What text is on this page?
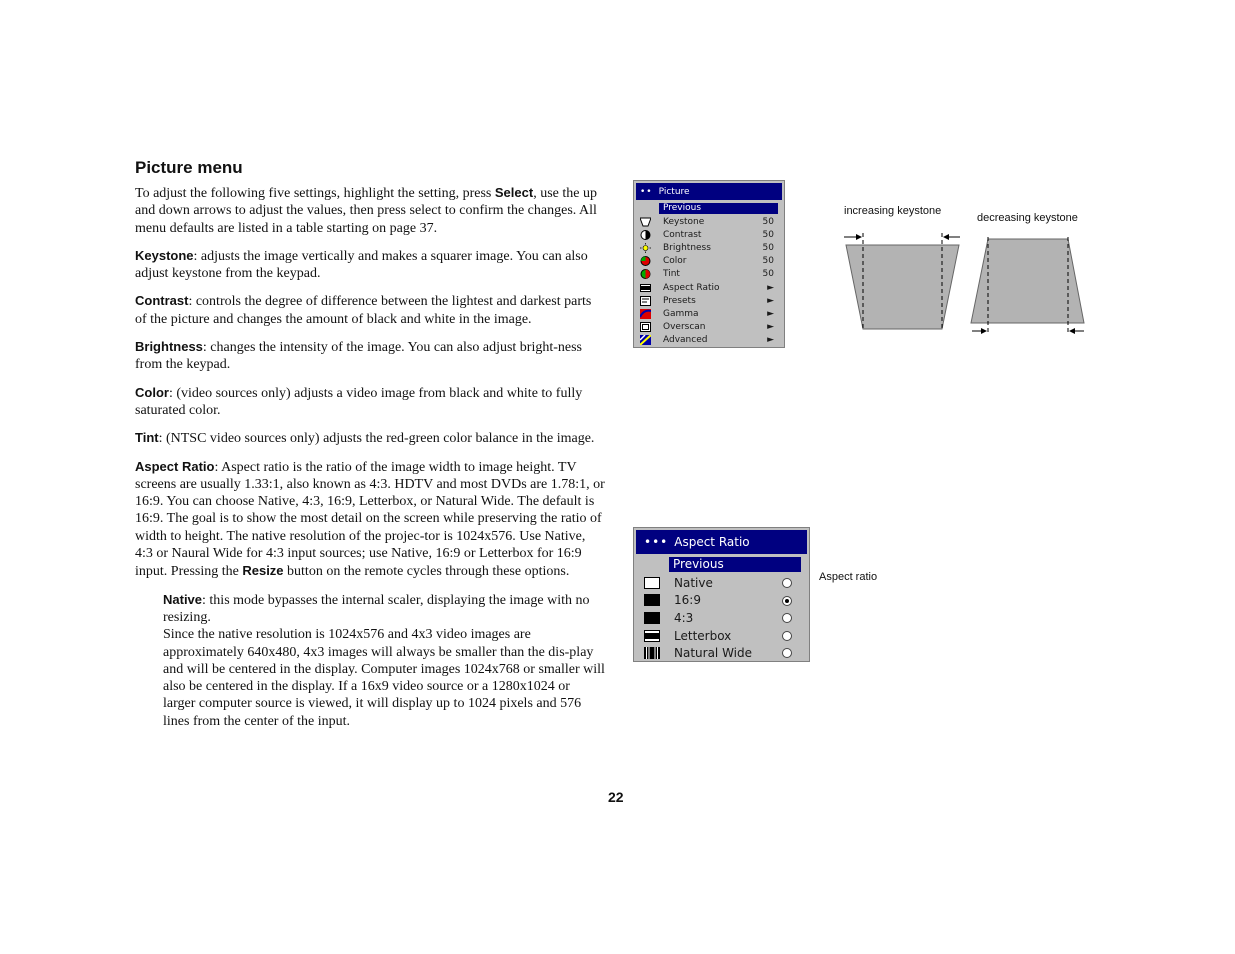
Picture menu

To adjust the following five settings, highlight the setting, press Select, use the up and down arrows to adjust the values, then press select to confirm the changes. All menu defaults are listed in a table starting on page 37.

Keystone: adjusts the image vertically and makes a squarer image. You can also adjust keystone from the keypad.

Contrast: controls the degree of difference between the lightest and darkest parts of the picture and changes the amount of black and white in the image.

Brightness: changes the intensity of the image. You can also adjust bright-ness from the keypad.

Color: (video sources only) adjusts a video image from black and white to fully saturated color.

Tint: (NTSC video sources only) adjusts the red-green color balance in the image.

Aspect Ratio: Aspect ratio is the ratio of the image width to image height. TV screens are usually 1.33:1, also known as 4:3. HDTV and most DVDs are 1.78:1, or 16:9. You can choose Native, 4:3, 16:9, Letterbox, or Natural Wide. The default is 16:9. The goal is to show the most detail on the screen while preserving the ratio of width to height. The native resolution of the projec-tor is 1024x576. Use Native, 4:3 or Naural Wide for 4:3 input sources; use Native, 16:9 or Letterbox for 16:9 input. Pressing the Resize button on the remote cycles through these options.

Native: this mode bypasses the internal scaler, displaying the image with no resizing.
Since the native resolution is 1024x576 and 4x3 video images are approximately 640x480, 4x3 images will always be smaller than the dis-play and will be centered in the display. Computer images 1024x768 or smaller will also be centered in the display. If a 16x9 video source or a 1280x1024 or larger computer source is viewed, it will display up to 1024 pixels and 576 lines from the center of the input.
22
•• Picture
Previous
Keystone	50
Contrast	50
Brightness	50
Color	50
Tint	50
Aspect Ratio	►
Presets	►
Gamma	►
Overscan	►
Advanced	►
••• Aspect Ratio
Previous
Native
16:9
4:3
Letterbox
Natural Wide
increasing keystone
decreasing keystone
Aspect ratio
